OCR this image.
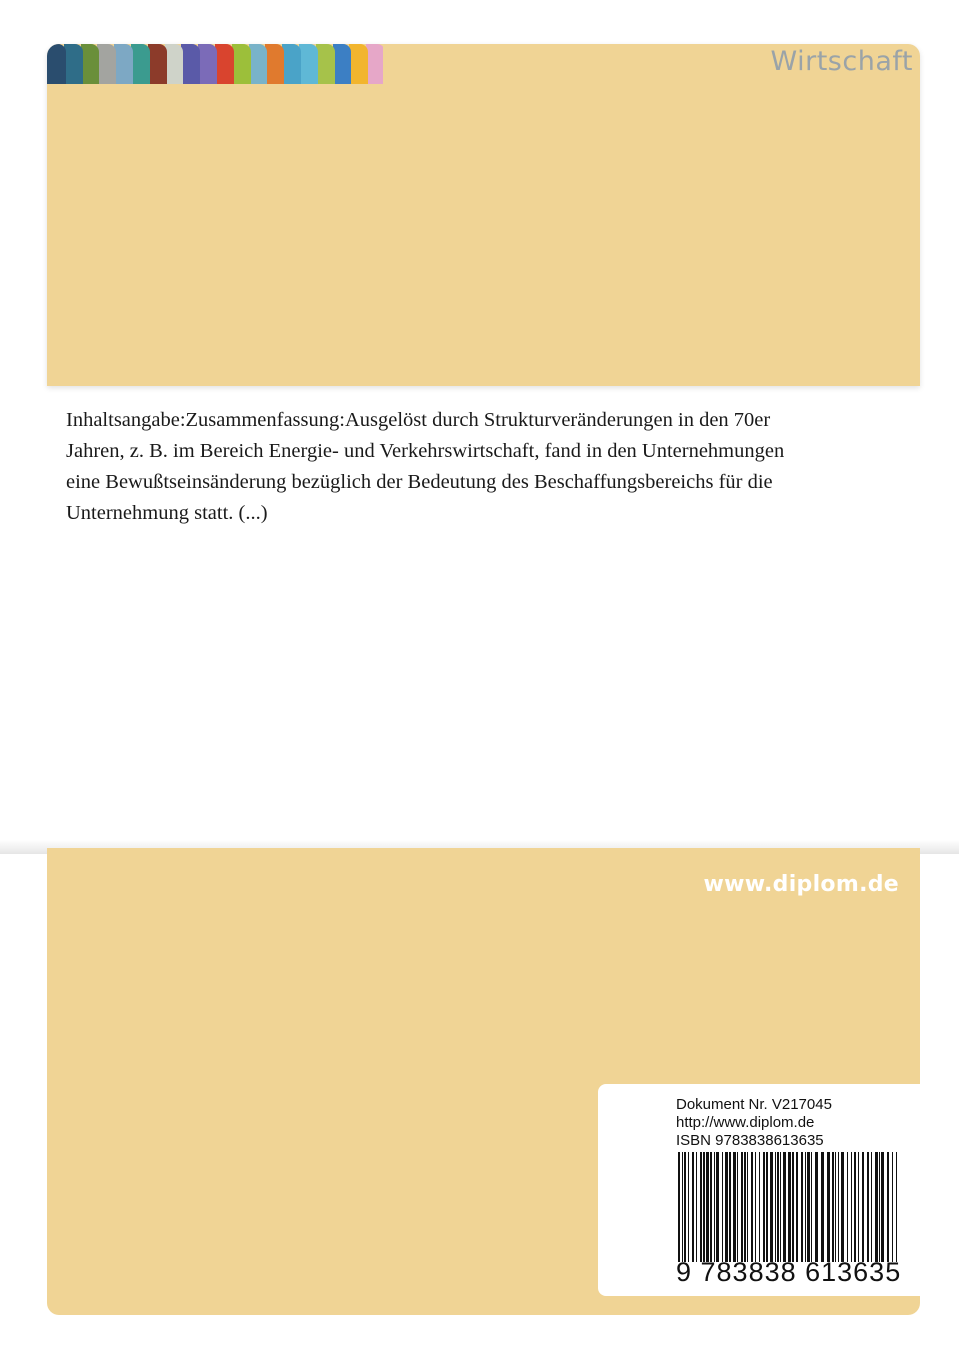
Wirtschaft
Inhaltsangabe:Zusammenfassung:Ausgelöst durch Strukturveränderungen in den 70er
Jahren, z. B. im Bereich Energie- und Verkehrswirtschaft, fand in den Unternehmungen
eine Bewußtseinsänderung bezüglich der Bedeutung des Beschaffungsbereichs für die
Unternehmung statt. (...)
www.diplom.de
Dokument Nr. V217045
http://www.diplom.de
ISBN 9783838613635
9 783838 613635
